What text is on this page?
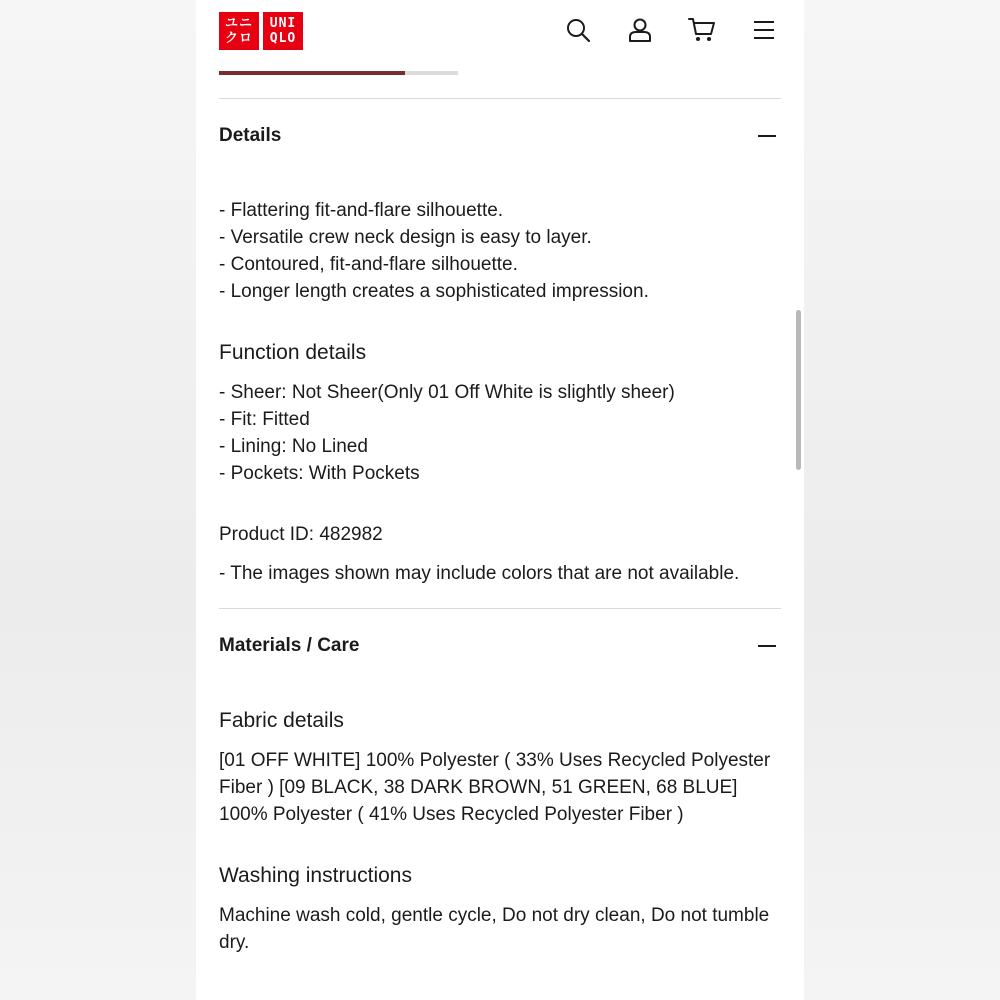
ユニ
クロ
UNI
QLO
Details
- Flattering fit-and-flare silhouette.
- Versatile crew neck design is easy to layer.
- Contoured, fit-and-flare silhouette.
- Longer length creates a sophisticated impression.
Function details
- Sheer: Not Sheer(Only 01 Off White is slightly sheer)
- Fit: Fitted
- Lining: No Lined
- Pockets: With Pockets
Product ID: 482982
- The images shown may include colors that are not available.
Materials / Care
Fabric details
[01 OFF WHITE] 100% Polyester ( 33% Uses Recycled Polyester Fiber ) [09 BLACK, 38 DARK BROWN, 51 GREEN, 68 BLUE] 100% Polyester ( 41% Uses Recycled Polyester Fiber )
Washing instructions
Machine wash cold, gentle cycle, Do not dry clean, Do not tumble dry.
